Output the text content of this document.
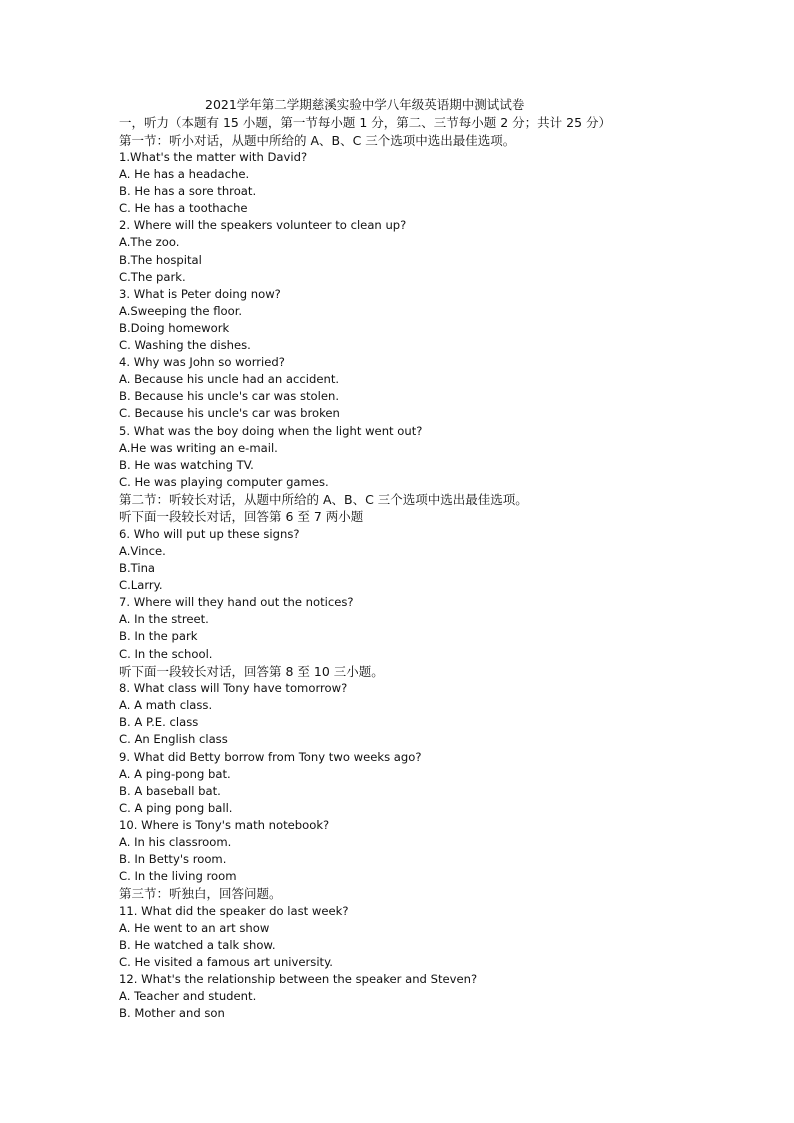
2021学年第二学期慈溪实验中学八年级英语期中测试试卷
一，听力（本题有 15 小题，第一节每小题 1 分，第二、三节每小题 2 分；共计 25 分）
第一节：听小对话，从题中所给的 A、B、C 三个选项中选出最佳选项。
1.What's the matter with David?
A. He has a headache.
B. He has a sore throat.
C. He has a toothache
2. Where will the speakers volunteer to clean up?
A.The zoo.
B.The hospital
C.The park.
3. What is Peter doing now?
A.Sweeping the floor.
B.Doing homework
C. Washing the dishes.
4. Why was John so worried?
A. Because his uncle had an accident.
B. Because his uncle's car was stolen.
C. Because his uncle's car was broken
5. What was the boy doing when the light went out?
A.He was writing an e-mail.
B. He was watching TV.
C. He was playing computer games.
第二节：听较长对话，从题中所给的 A、B、C 三个选项中选出最佳选项。
听下面一段较长对话，回答第 6 至 7 两小题
6. Who will put up these signs?
A.Vince.
B.Tina
C.Larry.
7. Where will they hand out the notices?
A. In the street.
B. In the park
C. In the school.
听下面一段较长对话，回答第 8 至 10 三小题。
8. What class will Tony have tomorrow?
A. A math class.
B. A P.E. class
C. An English class
9. What did Betty borrow from Tony two weeks ago?
A. A ping-pong bat.
B. A baseball bat.
C. A ping pong ball.
10. Where is Tony's math notebook?
A. In his classroom.
B. In Betty's room.
C. In the living room
第三节：听独白，回答问题。
11. What did the speaker do last week?
A. He went to an art show
B. He watched a talk show.
C. He visited a famous art university.
12. What's the relationship between the speaker and Steven?
A. Teacher and student.
B. Mother and son
